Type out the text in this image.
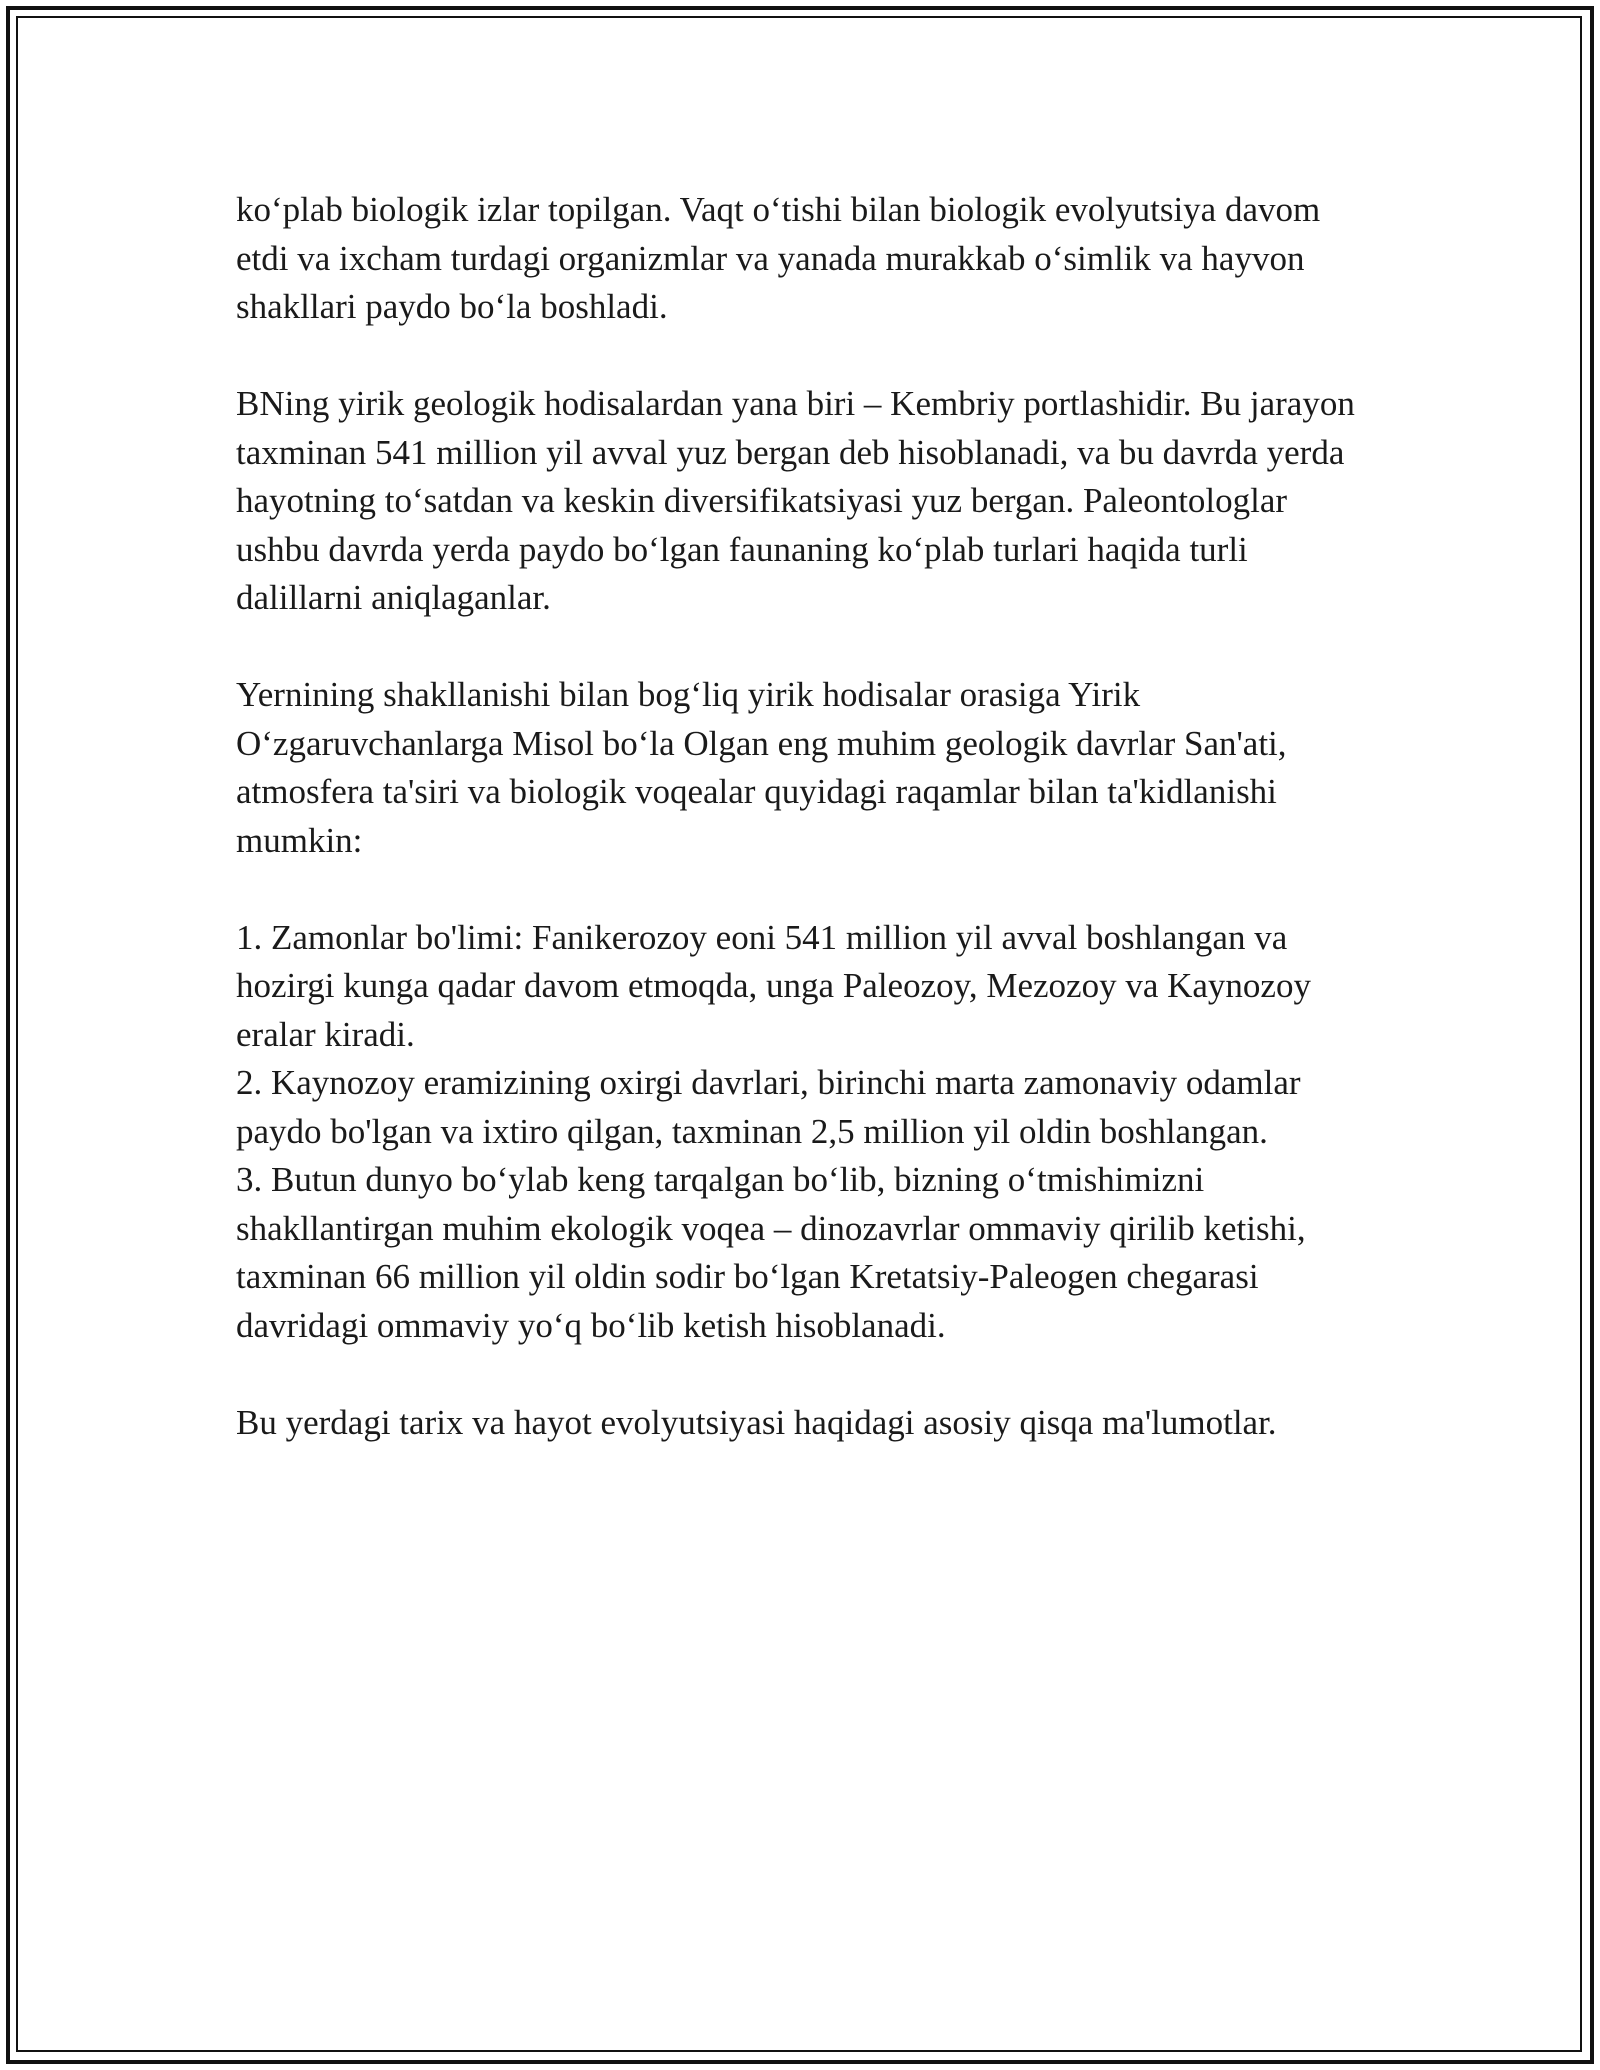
ko‘plab biologik izlar topilgan. Vaqt o‘tishi bilan biologik evolyutsiya davom etdi va ixcham turdagi organizmlar va yanada murakkab o‘simlik va hayvon shakllari paydo bo‘la boshladi.

BNing yirik geologik hodisalardan yana biri – Kembriy portlashidir. Bu jarayon taxminan 541 million yil avval yuz bergan deb hisoblanadi, va bu davrda yerda hayotning to‘satdan va keskin diversifikatsiyasi yuz bergan. Paleontologlar ushbu davrda yerda paydo bo‘lgan faunaning ko‘plab turlari haqida turli dalillarni aniqlaganlar.

Yernining shakllanishi bilan bog‘liq yirik hodisalar orasiga Yirik O‘zgaruvchanlarga Misol bo‘la Olgan eng muhim geologik davrlar San'ati, atmosfera ta'siri va biologik voqealar quyidagi raqamlar bilan ta'kidlanishi mumkin:

1. Zamonlar bo'limi: Fanikerozoy eoni 541 million yil avval boshlangan va hozirgi kunga qadar davom etmoqda, unga Paleozoy, Mezozoy va Kaynozoy eralar kiradi.

2. Kaynozoy eramizining oxirgi davrlari, birinchi marta zamonaviy odamlar paydo bo'lgan va ixtiro qilgan, taxminan 2,5 million yil oldin boshlangan.

3. Butun dunyo bo‘ylab keng tarqalgan bo‘lib, bizning o‘tmishimizni shakllantirgan muhim ekologik voqea – dinozavrlar ommaviy qirilib ketishi, taxminan 66 million yil oldin sodir bo‘lgan Kretatsiy-Paleogen chegarasi davridagi ommaviy yo‘q bo‘lib ketish hisoblanadi.

Bu yerdagi tarix va hayot evolyutsiyasi haqidagi asosiy qisqa ma'lumotlar.
